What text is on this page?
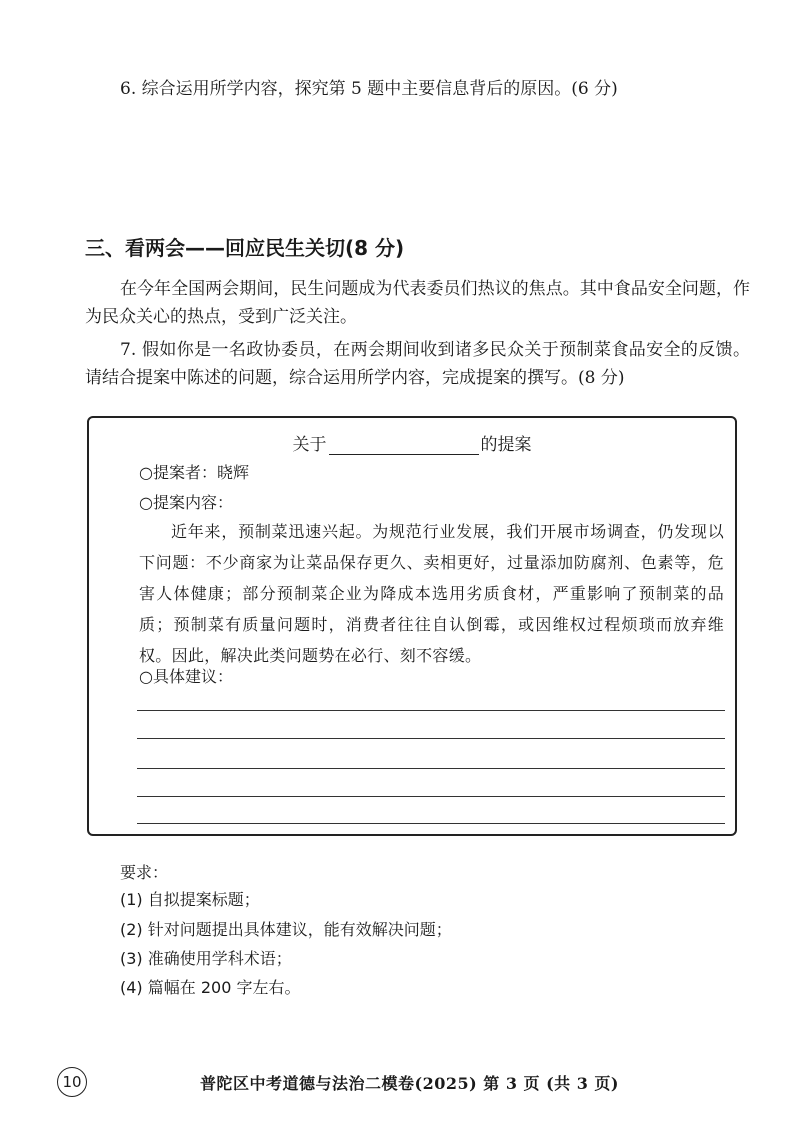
6. 综合运用所学内容，探究第 5 题中主要信息背后的原因。(6 分)
三、看两会——回应民生关切(8 分)
在今年全国两会期间，民生问题成为代表委员们热议的焦点。其中食品安全问题，作为民众关心的热点，受到广泛关注。
7. 假如你是一名政协委员，在两会期间收到诸多民众关于预制菜食品安全的反馈。请结合提案中陈述的问题，综合运用所学内容，完成提案的撰写。(8 分)
关于	的提案
○提案者：晓辉
○提案内容：
近年来，预制菜迅速兴起。为规范行业发展，我们开展市场调查，仍发现以下问题：不少商家为让菜品保存更久、卖相更好，过量添加防腐剂、色素等，危害人体健康；部分预制菜企业为降成本选用劣质食材，严重影响了预制菜的品质；预制菜有质量问题时，消费者往往自认倒霉，或因维权过程烦琐而放弃维权。因此，解决此类问题势在必行、刻不容缓。
○具体建议：
要求：
(1) 自拟提案标题；
(2) 针对问题提出具体建议，能有效解决问题；
(3) 准确使用学科术语；
(4) 篇幅在 200 字左右。
10	普陀区中考道德与法治二模卷(2025) 第 3 页 (共 3 页)
